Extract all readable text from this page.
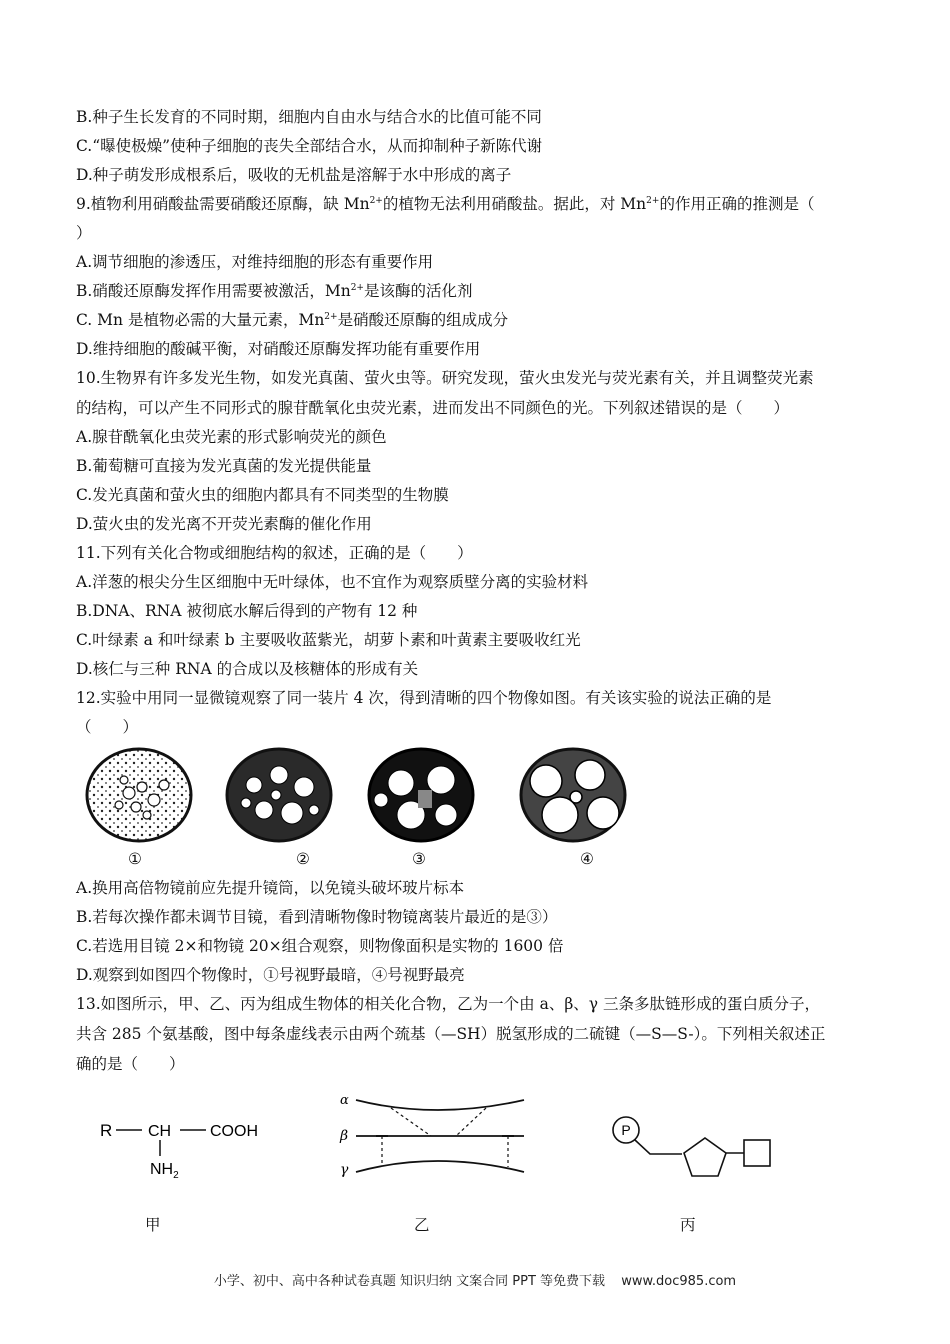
B.种子生长发育的不同时期，细胞内自由水与结合水的比值可能不同
C.“曝使极燥”使种子细胞的丧失全部结合水，从而抑制种子新陈代谢
D.种子萌发形成根系后，吸收的无机盐是溶解于水中形成的离子
9.植物利用硝酸盐需要硝酸还原酶，缺 $Mn^{2+}$的植物无法利用硝酸盐。据此，对 $Mn^{2+}$的作用正确的推测是（
）
A.调节细胞的渗透压，对维持细胞的形态有重要作用
B.硝酸还原酶发挥作用需要被激活，$Mn^{2+}$是该酶的活化剂
C. Mn 是植物必需的大量元素，$Mn^{2+}$是硝酸还原酶的组成成分
D.维持细胞的酸碱平衡，对硝酸还原酶发挥功能有重要作用
10.生物界有许多发光生物，如发光真菌、萤火虫等。研究发现，萤火虫发光与荧光素有关，并且调整荧光素
的结构，可以产生不同形式的腺苷酰氧化虫荧光素，进而发出不同颜色的光。下列叙述错误的是（　　）
A.腺苷酰氧化虫荧光素的形式影响荧光的颜色
B.葡萄糖可直接为发光真菌的发光提供能量
C.发光真菌和萤火虫的细胞内都具有不同类型的生物膜
D.萤火虫的发光离不开荧光素酶的催化作用
11.下列有关化合物或细胞结构的叙述，正确的是（　　）
A.洋葱的根尖分生区细胞中无叶绿体，也不宜作为观察质壁分离的实验材料
B.DNA、RNA 被彻底水解后得到的产物有 12 种
C.叶绿素 a 和叶绿素 b 主要吸收蓝紫光，胡萝卜素和叶黄素主要吸收红光
D.核仁与三种 RNA 的合成以及核糖体的形成有关
12.实验中用同一显微镜观察了同一装片 4 次，得到清晰的四个物像如图。有关该实验的说法正确的是
（　　）
①	②	③	④
A.换用高倍物镜前应先提升镜筒，以免镜头破坏玻片标本
B.若每次操作都未调节目镜，看到清晰物像时物镜离装片最近的是③）
C.若选用目镜 2×和物镜 20×组合观察，则物像面积是实物的 1600 倍
D.观察到如图四个物像时，①号视野最暗，④号视野最亮
13.如图所示，甲、乙、丙为组成生物体的相关化合物，乙为一个由 a、β、γ 三条多肽链形成的蛋白质分子，
共含 285 个氨基酸，图中每条虚线表示由两个巯基（—SH）脱氢形成的二硫键（—S—S-）。下列相关叙述正
确的是（　　）
R CH COOH
$NH_2$
α
β
γ
P
甲	乙	丙
小学、初中、高中各种试卷真题 知识归纳 文案合同 PPT 等免费下载 www.doc985.com
